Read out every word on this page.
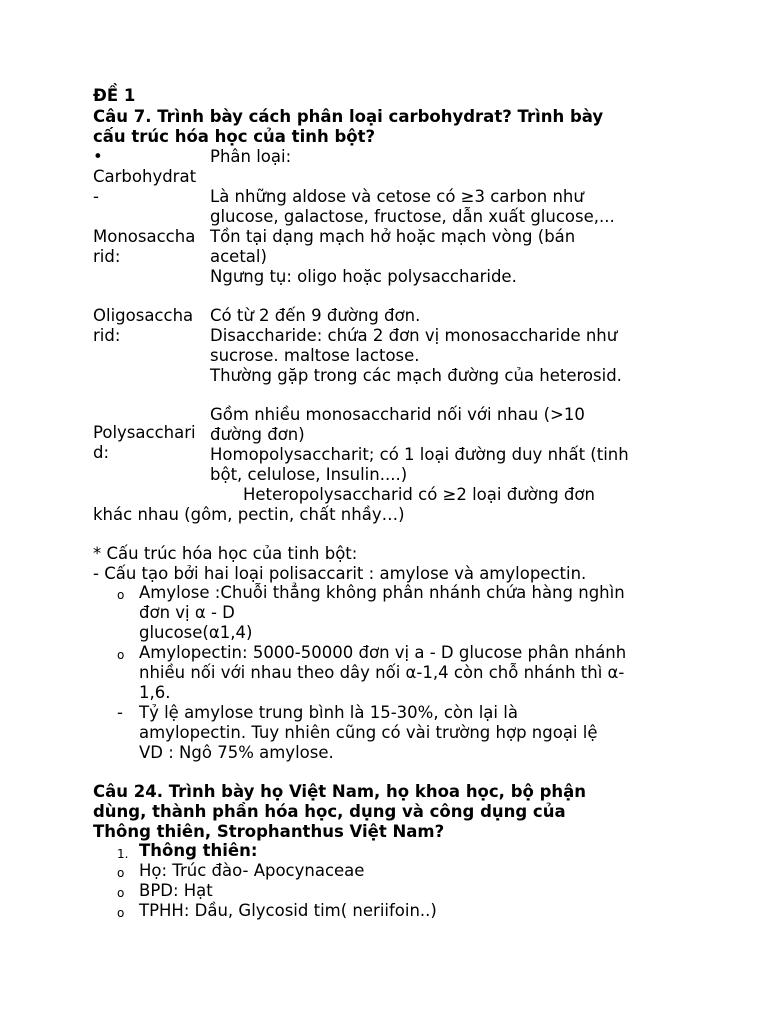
ĐỀ 1
Câu 7. Trình bày cách phân loại carbohydrat? Trình bày
cấu trúc hóa học của tinh bột?
•
Carbohydrat
-
Monosaccha
rid:
Oligosaccha
rid:
Polysacchari
d:
Phân loại:
Là những aldose và cetose có ≥3 carbon như
glucose, galactose, fructose, dẫn xuất glucose,...
Tồn tại dạng mạch hở hoặc mạch vòng (bán
acetal)
Ngưng tụ: oligo hoặc polysaccharide.
Có từ 2 đến 9 đường đơn.
Disaccharide: chứa 2 đơn vị monosaccharide như
sucrose. maltose lactose.
Thường gặp trong các mạch đường của heterosid.
Gồm nhiều monosaccharid nối với nhau (>10
đường đơn)
Homopolysaccharit; có 1 loại đường duy nhất (tinh
bột, celulose, Insulin....)
Heteropolysaccharid có ≥2 loại đường đơn
khác nhau (gôm, pectin, chất nhầy…)
* Cấu trúc hóa học của tinh bột:
- Cấu tạo bởi hai loại polisaccarit : amylose và amylopectin.
o Amylose :Chuỗi thẳng không phân nhánh chứa hàng nghìn
đơn vị α - D
glucose(α1,4)
o Amylopectin: 5000-50000 đơn vị a - D glucose phân nhánh
nhiều nối với nhau theo dây nối α-1,4 còn chỗ nhánh thì α-
1,6.
- Tỷ lệ amylose trung bình là 15-30%, còn lại là
amylopectin. Tuy nhiên cũng có vài trường hợp ngoại lệ
VD : Ngô 75% amylose.
Câu 24. Trình bày họ Việt Nam, họ khoa học, bộ phận
dùng, thành phần hóa học, dụng và công dụng của
Thông thiên, Strophanthus Việt Nam?
1. Thông thiên:
o Họ: Trúc đào- Apocynaceae
o BPD: Hạt
o TPHH: Dầu, Glycosid tim( neriifoin..)
